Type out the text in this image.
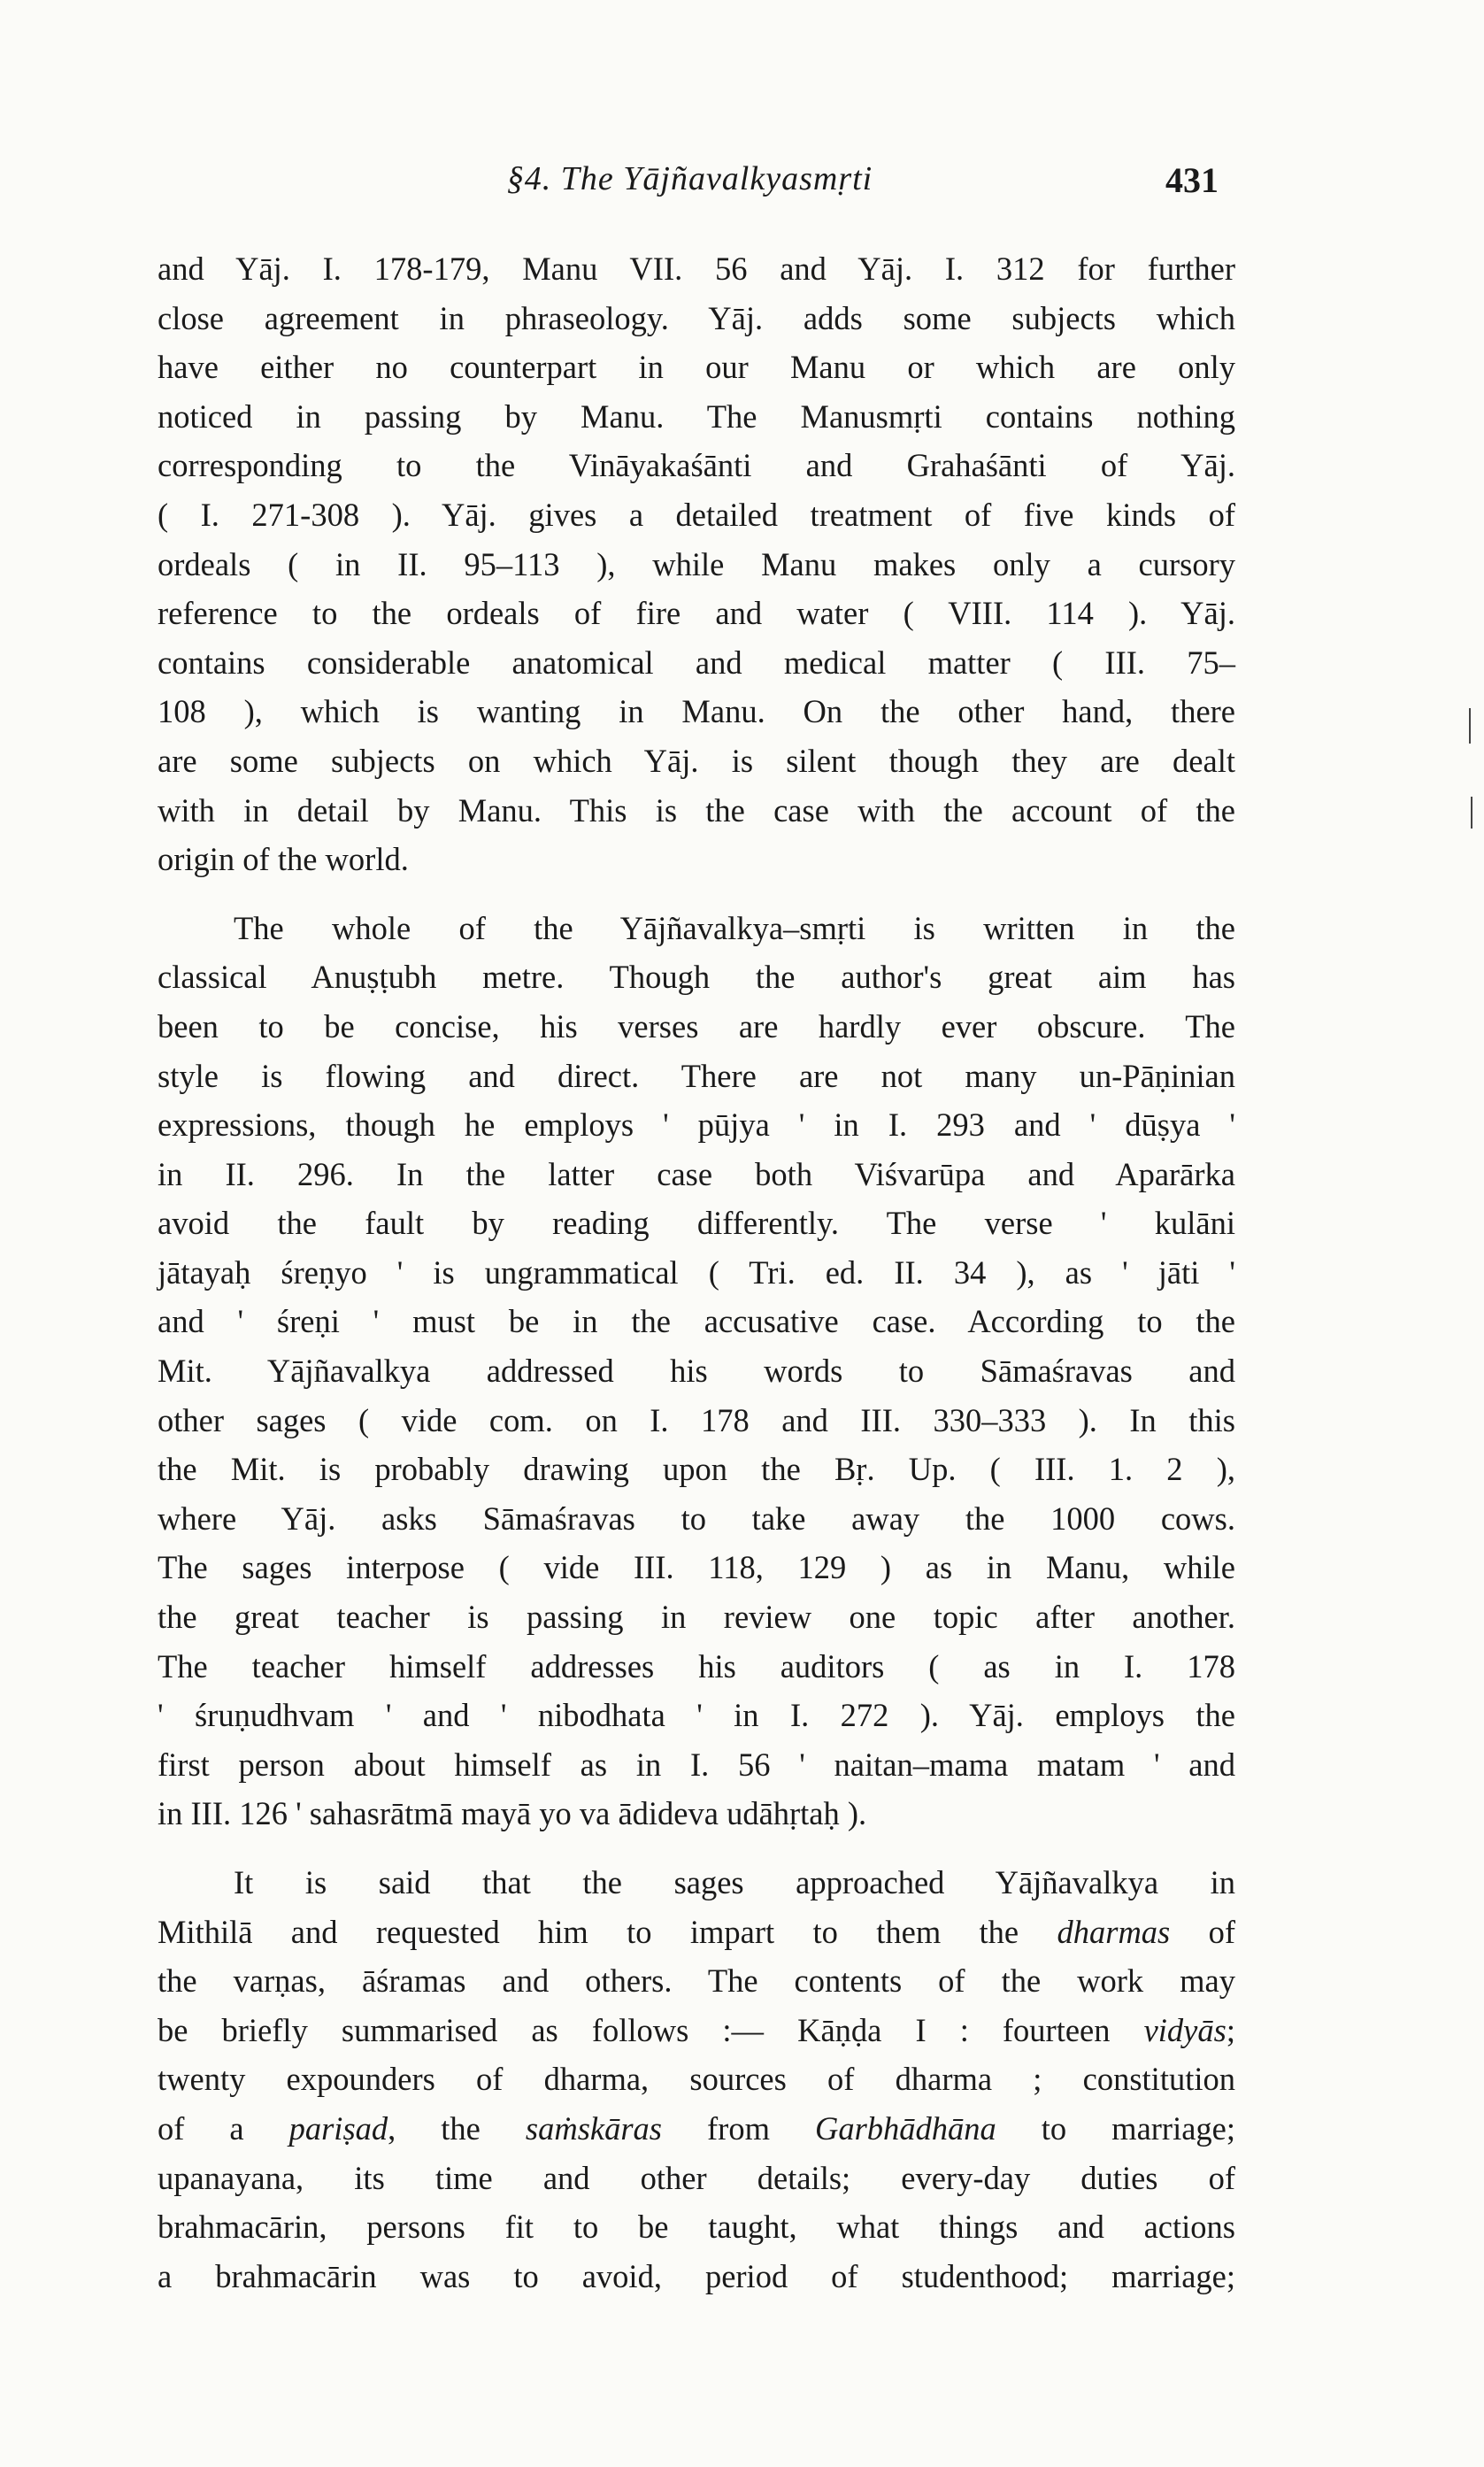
§4. The Yājñavalkyasmṛti	431
and Yāj. I. 178-179, Manu VII. 56 and Yāj. I. 312 for further
close agreement in phraseology. Yāj. adds some subjects which
have either no counterpart in our Manu or which are only
noticed in passing by Manu. The Manusmṛti contains nothing
corresponding to the Vināyakaśānti and Grahaśānti of Yāj.
( I. 271-308 ). Yāj. gives a detailed treatment of five kinds of
ordeals ( in II. 95–113 ), while Manu makes only a cursory
reference to the ordeals of fire and water ( VIII. 114 ). Yāj.
contains considerable anatomical and medical matter ( III. 75–
108 ), which is wanting in Manu. On the other hand, there
are some subjects on which Yāj. is silent though they are dealt
with in detail by Manu. This is the case with the account of the
origin of the world.
The whole of the Yājñavalkya–smṛti is written in the
classical Anuṣṭubh metre. Though the author's great aim has
been to be concise, his verses are hardly ever obscure. The
style is flowing and direct. There are not many un-Pāṇinian
expressions, though he employs ' pūjya ' in I. 293 and ' dūṣya '
in II. 296. In the latter case both Viśvarūpa and Aparārka
avoid the fault by reading differently. The verse ' kulāni
jātayaḥ śreṇyo ' is ungrammatical ( Tri. ed. II. 34 ), as ' jāti '
and ' śreṇi ' must be in the accusative case. According to the
Mit. Yājñavalkya addressed his words to Sāmaśravas and
other sages ( vide com. on I. 178 and III. 330–333 ). In this
the Mit. is probably drawing upon the Bṛ. Up. ( III. 1. 2 ),
where Yāj. asks Sāmaśravas to take away the 1000 cows.
The sages interpose ( vide III. 118, 129 ) as in Manu, while
the great teacher is passing in review one topic after another.
The teacher himself addresses his auditors ( as in I. 178
' śruṇudhvam ' and ' nibodhata ' in I. 272 ). Yāj. employs the
first person about himself as in I. 56 ' naitan–mama matam ' and
in III. 126 ' sahasrātmā mayā yo va ādideva udāhṛtaḥ ).
It is said that the sages approached Yājñavalkya in
Mithilā and requested him to impart to them the dharmas of
the varṇas, āśramas and others. The contents of the work may
be briefly summarised as follows :— Kāṇḍa I : fourteen vidyās;
twenty expounders of dharma, sources of dharma ; constitution
of a pariṣad, the saṁskāras from Garbhādhāna to marriage;
upanayana, its time and other details; every-day duties of
brahmacārin, persons fit to be taught, what things and actions
a brahmacārin was to avoid, period of studenthood; marriage;
